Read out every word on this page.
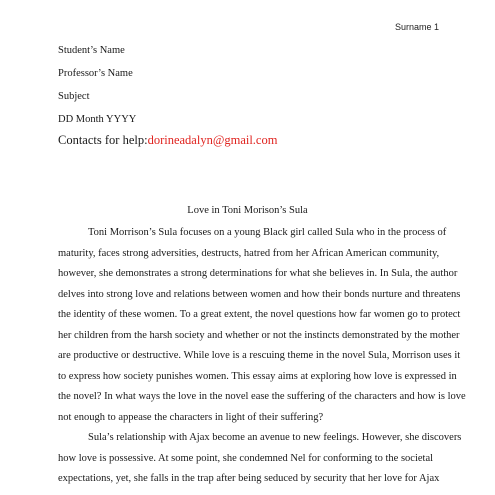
Surname 1
Student’s Name
Professor’s Name
Subject
DD Month YYYY
Contacts for help:dorineadalyn@gmail.com
Love in Toni Morison’s Sula
Toni Morrison’s Sula focuses on a young Black girl called Sula who in the process of
maturity, faces strong adversities, destructs, hatred from her African American community,
however, she demonstrates a strong determinations for what she believes in. In Sula, the author
delves into strong love and relations between women and how their bonds nurture and threatens
the identity of these women. To a great extent, the novel questions how far women go to protect
her children from the harsh society and whether or not the instincts demonstrated by the mother
are productive or destructive. While love is a rescuing theme in the novel Sula, Morrison uses it
to express how society punishes women. This essay aims at exploring how love is expressed in
the novel? In what ways the love in the novel ease the suffering of the characters and how is love
not enough to appease the characters in light of their suffering?
Sula’s relationship with Ajax become an avenue to new feelings. However, she discovers
how love is possessive. At some point, she condemned Nel for conforming to the societal
expectations, yet, she falls in the trap after being seduced by security that her love for Ajax
